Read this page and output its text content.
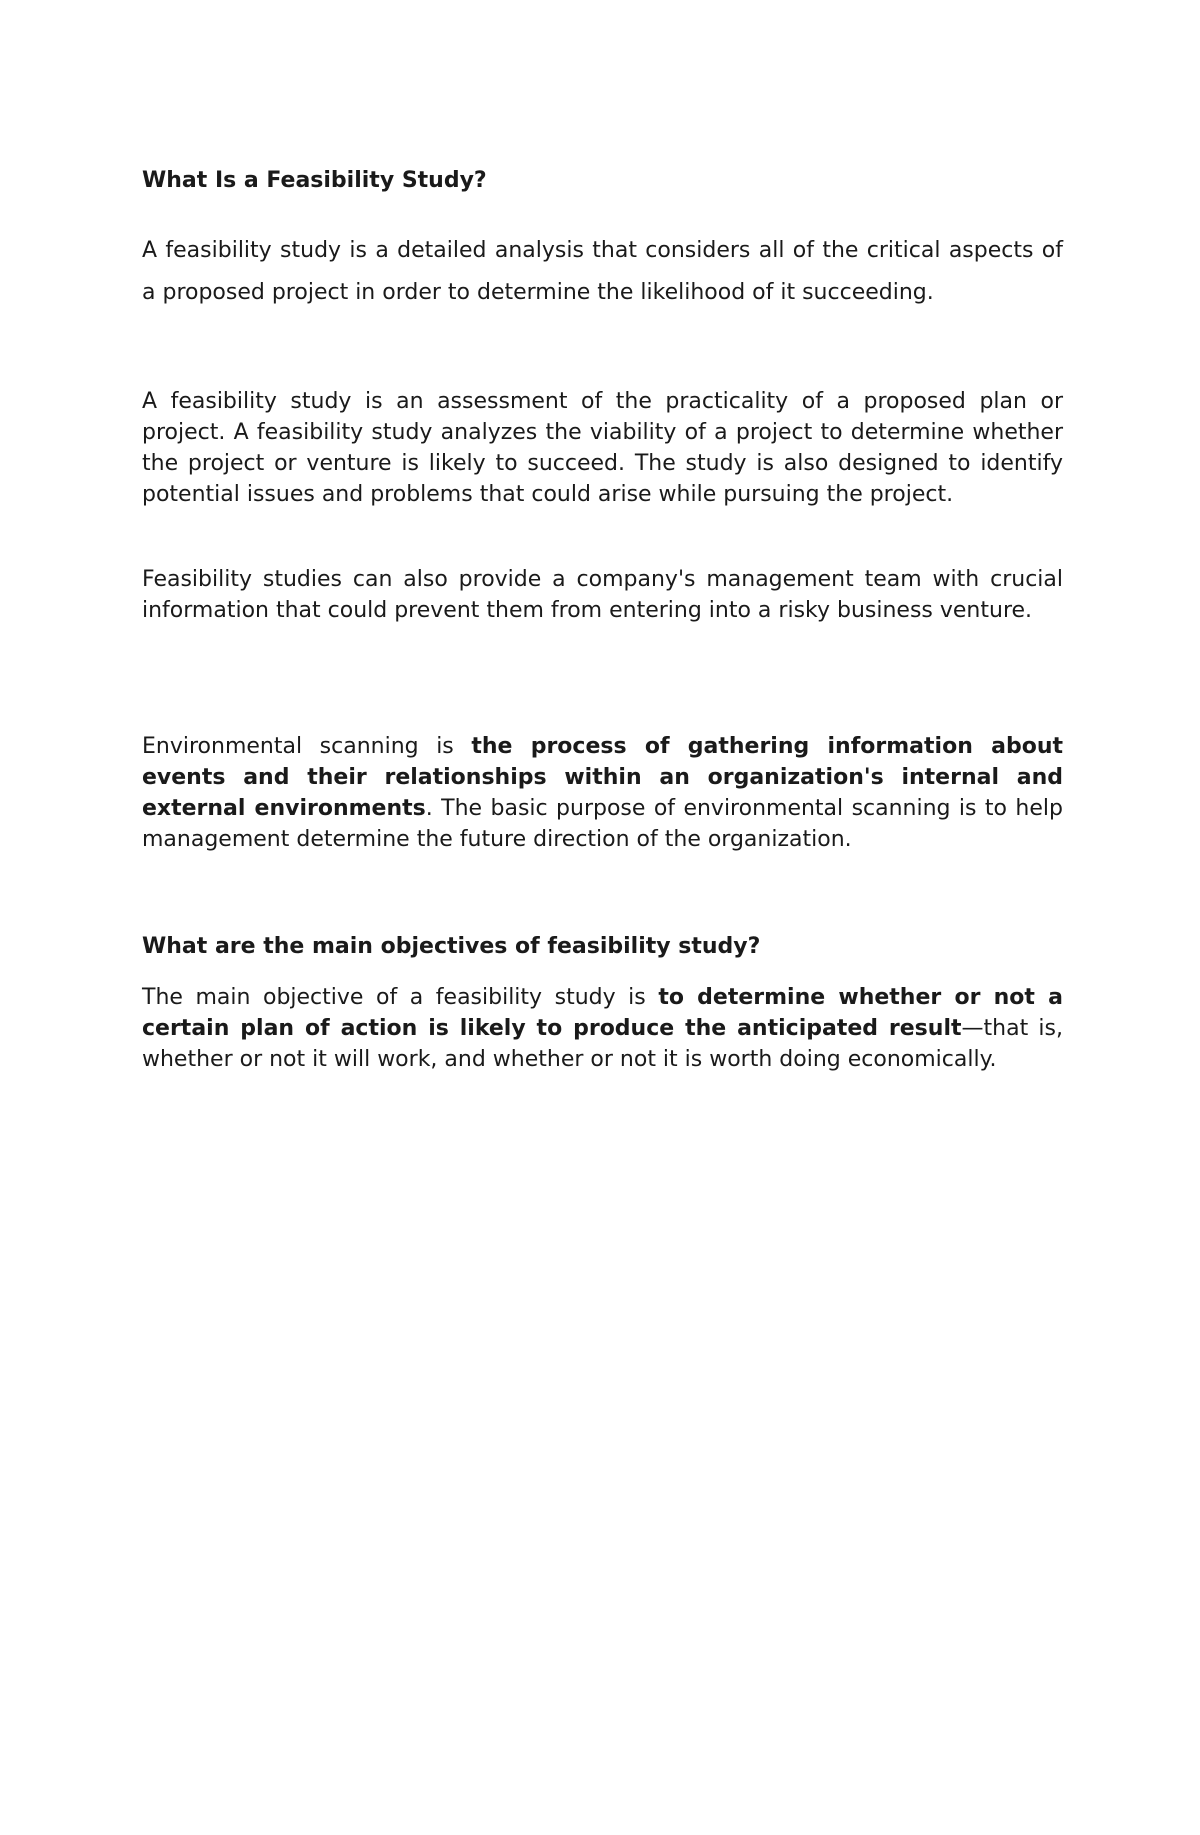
What Is a Feasibility Study?

A feasibility study is a detailed analysis that considers all of the critical aspects of a proposed project in order to determine the likelihood of it succeeding.

A feasibility study is an assessment of the practicality of a proposed plan or project. A feasibility study analyzes the viability of a project to determine whether the project or venture is likely to succeed. The study is also designed to identify potential issues and problems that could arise while pursuing the project.

Feasibility studies can also provide a company's management team with crucial information that could prevent them from entering into a risky business venture.

Environmental scanning is the process of gathering information about events and their relationships within an organization's internal and external environments. The basic purpose of environmental scanning is to help management determine the future direction of the organization.

What are the main objectives of feasibility study?

The main objective of a feasibility study is to determine whether or not a certain plan of action is likely to produce the anticipated result—that is, whether or not it will work, and whether or not it is worth doing economically.
